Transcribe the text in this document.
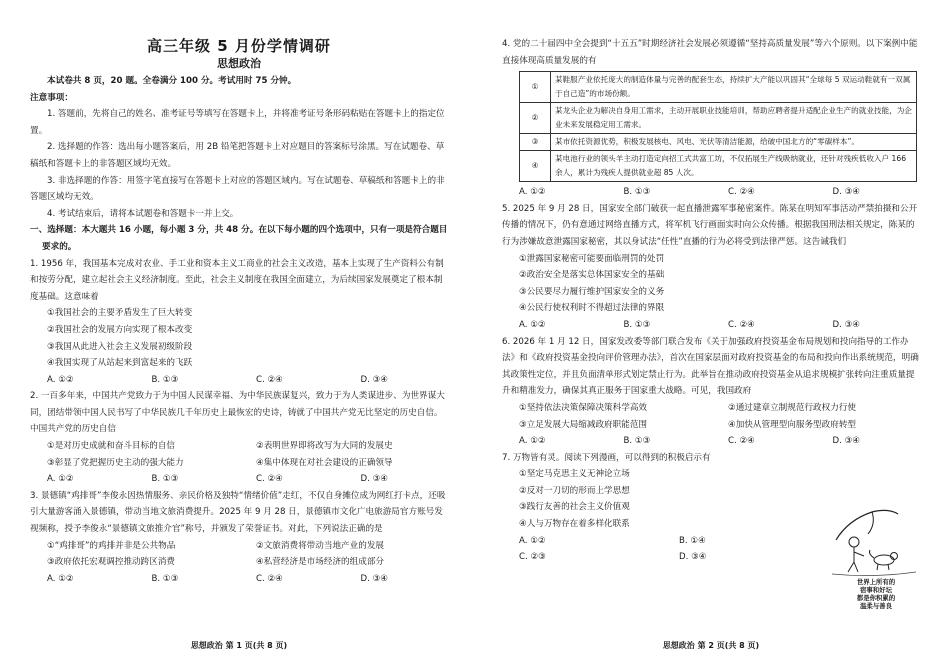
高三年级 5 月份学情调研
思想政治

本试卷共 8 页，20 题。全卷满分 100 分。考试用时 75 分钟。

注意事项：

1. 答题前，先将自己的姓名、准考证号等填写在答题卡上，并将准考证号条形码粘贴在答题卡上的指定位置。

2. 选择题的作答：选出每小题答案后，用 2B 铅笔把答题卡上对应题目的答案标号涂黑。写在试题卷、草稿纸和答题卡上的非答题区域均无效。

3. 非选择题的作答：用签字笔直接写在答题卡上对应的答题区域内。写在试题卷、草稿纸和答题卡上的非答题区域均无效。

4. 考试结束后，请将本试题卷和答题卡一并上交。

一、选择题：本大题共 16 小题，每小题 3 分，共 48 分。在以下每小题的四个选项中，只有一项是符合题目要求的。

1. 1956 年，我国基本完成对农业、手工业和资本主义工商业的社会主义改造，基本上实现了生产资料公有制和按劳分配，建立起社会主义经济制度。至此，社会主义制度在我国全面建立，为后续国家发展奠定了根本制度基础。这意味着

①我国社会的主要矛盾发生了巨大转变

②我国社会的发展方向实现了根本改变

③我国从此进入社会主义发展初级阶段

④我国实现了从站起来到富起来的飞跃

A. ①②	B. ①③	C. ②④	D. ③④

2. 一百多年来，中国共产党致力于为中国人民谋幸福、为中华民族谋复兴，致力于为人类谋进步、为世界谋大同，团结带领中国人民书写了中华民族几千年历史上最恢宏的史诗，铸就了中国共产党无比坚定的历史自信。中国共产党的历史自信

①是对历史成就和奋斗目标的自信	②表明世界即将改写为大同的发展史
③彰显了党把握历史主动的强大能力	④集中体现在对社会建设的正确领导
A. ①②	B. ①③	C. ②④	D. ③④

3. 景德镇“鸡排哥”李俊永因热情服务、亲民价格及独特“情绪价值”走红，不仅自身摊位成为网红打卡点，还吸引大量游客涌入景德镇，带动当地文旅消费提升。2025 年 9 月 28 日，景德镇市文化广电旅游局官方账号发视频称，授予李俊永“景德镇文旅推介官”称号，并颁发了荣誉证书。对此，下列说法正确的是

①“鸡排哥”的鸡排并非是公共物品	②文旅消费将带动当地产业的发展
③政府依托宏观调控推动跨区消费	④私营经济是市场经济的组成部分
A. ①②	B. ①③	C. ②④	D. ③④

4. 党的二十届四中全会提到“十五五”时期经济社会发展必须遵循“坚持高质量发展”等六个原则。以下案例中能直接体现高质量发展的有

①	某鞋服产业依托庞大的制造体量与完善的配套生态，持续扩大产能以巩固其“全球每 5 双运动鞋就有一双属于自己造”的市场份额。
②	某龙头企业为解决自身用工需求，主动开展职业技能培训，帮助应聘者提升适配企业生产的就业技能，为企业未来发展稳定用工需求。
③	某市依托资源优势，积极发展核电、风电、光伏等清洁能源，给破中国北方的“零碳样本”。
④	某电池行业的领头羊主动打造定向招工式共富工坊，不仅拓展生产线吸纳就业，还针对残疾低收入户 166 余人，累计为残疾人提供就业超 85 人次。
A. ①②	B. ①③	C. ②④	D. ③④

5. 2025 年 9 月 28 日，国家安全部门破获一起直播泄露军事秘密案件。陈某在明知军事活动严禁拍摄和公开传播的情况下，仍有意通过网络直播方式，将军机飞行画面实时向公众传播。根据我国刑法相关规定，陈某的行为涉嫌故意泄露国家秘密，其以身试法“任性”直播的行为必将受到法律严惩。这告诫我们

①泄露国家秘密可能要面临刑罚的处罚

②政治安全是落实总体国家安全的基础

③公民要尽力履行维护国家安全的义务

④公民行使权利时不得超过法律的界限

A. ①②	B. ①③	C. ②④	D. ③④

6. 2026 年 1 月 12 日，国家发改委等部门联合发布《关于加强政府投资基金布局规划和投向指导的工作办法》和《政府投资基金投向评价管理办法》，首次在国家层面对政府投资基金的布局和投向作出系统规范，明确其政策性定位，并且负面清单形式划定禁止行为。此举旨在推动政府投资基金从追求规模扩张转向注重质量提升和精准发力，确保其真正服务于国家重大战略。可见，我国政府

①坚持依法决策保障决策科学高效	②通过建章立制规范行政权力行使
③立足发展大局缩减政府职能范围	④加快从管理型向服务型政府转型
A. ①②	B. ①③	C. ②④	D. ③④

7. 万物皆有灵。阅读下列漫画，可以得到的积极启示有

①坚定马克思主义无神论立场

②反对一刀切的形而上学思想

③践行友善的社会主义价值观

④人与万物存在着多样化联系

A. ①②	B. ①④
C. ②③	D. ③④
世界上所有的宿事和好坛都是你积累的温柔与善良
思想政治 第 1 页(共 8 页)	思想政治 第 2 页(共 8 页)
